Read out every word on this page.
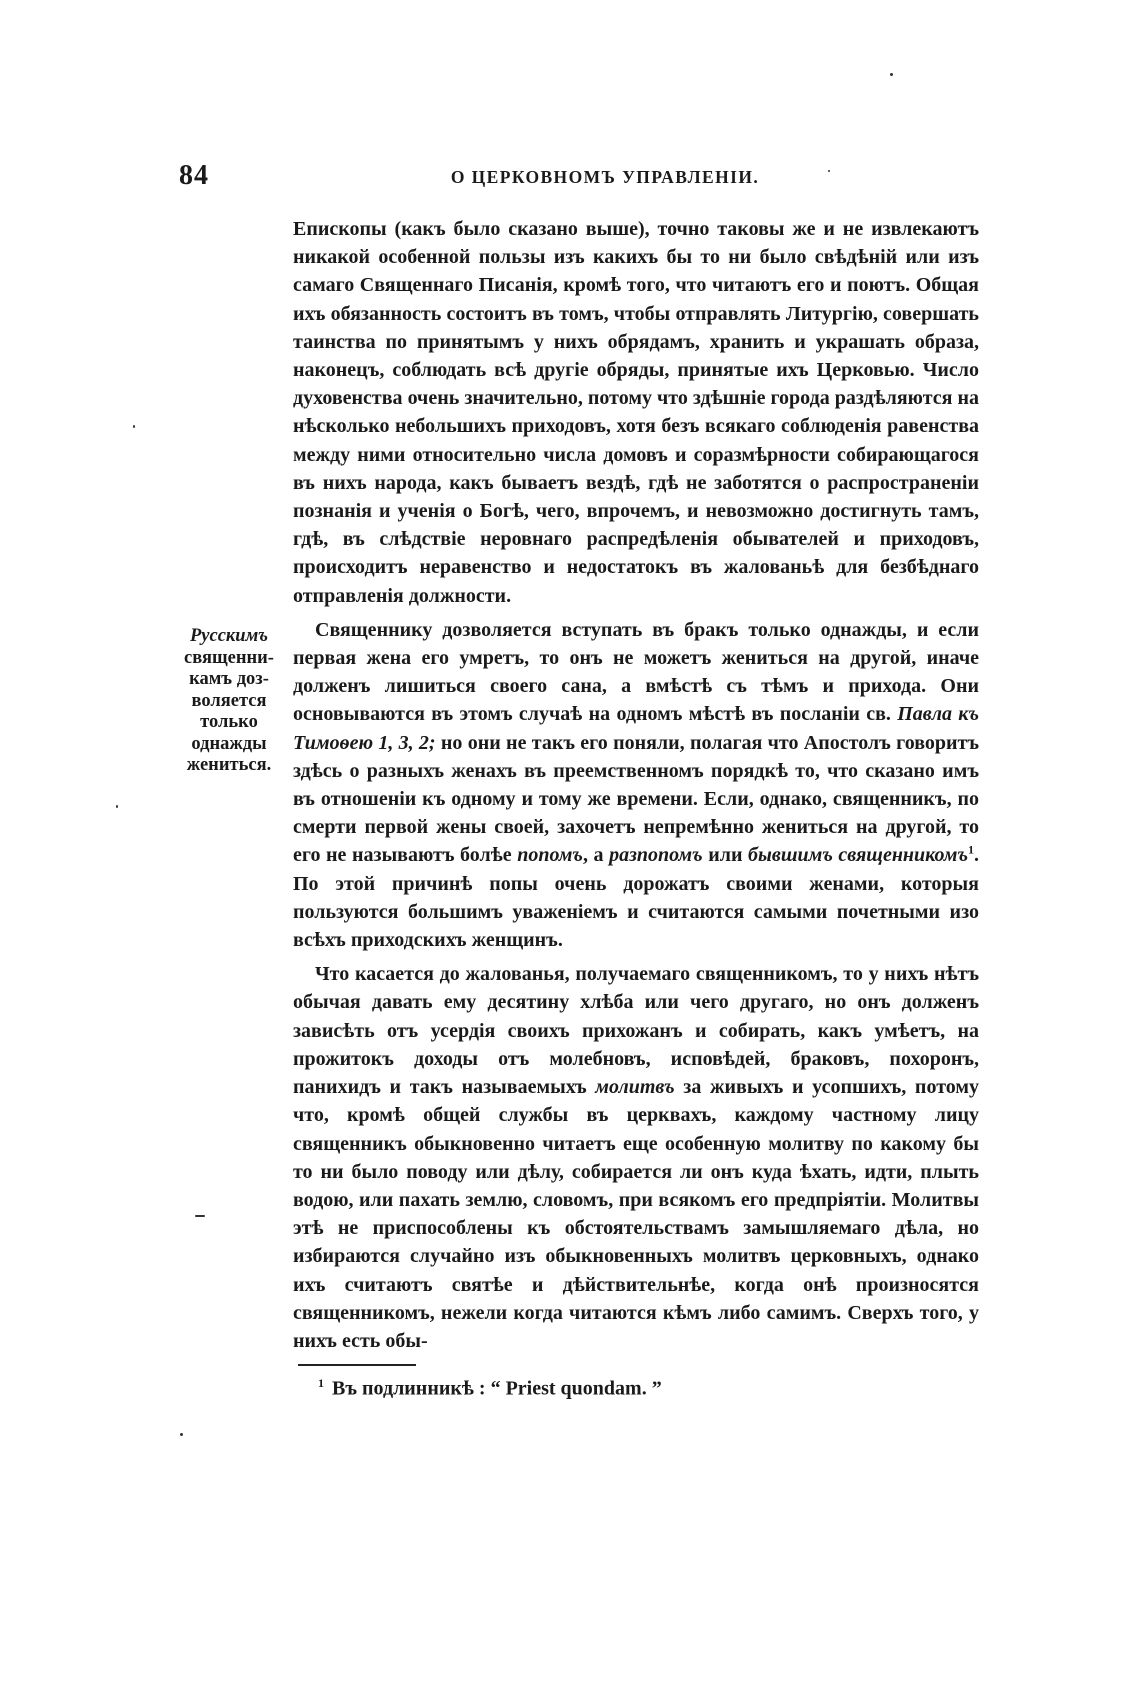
84	О ЦЕРКОВНОМЪ УПРАВЛЕНIИ.

Епископы (какъ было сказано выше), точно таковы же и не извлекаютъ никакой особенной пользы изъ какихъ бы то ни было свѣдѣнiй или изъ самаго Священнаго Писанiя, кромѣ того, что читаютъ его и поютъ. Общая ихъ обязанность состоитъ въ томъ, чтобы отправлять Литургiю, совершать таинства по принятымъ у нихъ обрядамъ, хранить и украшать образа, наконецъ, соблюдать всѣ другiе обряды, принятые ихъ Церковью. Число духовенства очень значительно, потому что здѣшнiе города раздѣляются на нѣсколько небольшихъ приходовъ, хотя безъ всякаго соблюденiя равенства между ними относительно числа домовъ и соразмѣрности собирающагося въ нихъ народа, какъ бываетъ вездѣ, гдѣ не заботятся о распространенiи познанiя и ученiя о Богѣ, чего, впрочемъ, и невозможно достигнуть тамъ, гдѣ, въ слѣдствiе неровнаго распредѣленiя обывателей и приходовъ, происходитъ неравенство и недостатокъ въ жалованьѣ для безбѣднаго отправленiя должности.

Священнику дозволяется вступать въ бракъ только однажды, и если первая жена его умретъ, то онъ не можетъ жениться на другой, иначе долженъ лишиться своего сана, а вмѣстѣ съ тѣмъ и прихода. Они основываются въ этомъ случаѣ на одномъ мѣстѣ въ посланiи св. Павла къ Тимоѳею 1, 3, 2; но они не такъ его поняли, полагая что Апостолъ говоритъ здѣсь о разныхъ женахъ въ преемственномъ порядкѣ то, что сказано имъ въ отношенiи къ одному и тому же времени. Если, однако, священникъ, по смерти первой жены своей, захочетъ непремѣнно жениться на другой, то его не называютъ болѣе попомъ, а разпопомъ или бывшимъ священникомъ$^1$. По этой причинѣ попы очень дорожатъ своими женами, которыя пользуются большимъ уваженiемъ и считаются самыми почетными изо всѣхъ приходскихъ женщинъ.

Что касается до жалованья, получаемаго священникомъ, то у нихъ нѣтъ обычая давать ему десятину хлѣба или чего другаго, но онъ долженъ зависѣть отъ усердiя своихъ прихожанъ и собирать, какъ умѣетъ, на прожитокъ доходы отъ молебновъ, исповѣдей, браковъ, похоронъ, панихидъ и такъ называемыхъ молитвъ за живыхъ и усопшихъ, потому что, кромѣ общей службы въ церквахъ, каждому частному лицу священникъ обыкновенно читаетъ еще особенную молитву по какому бы то ни было поводу или дѣлу, собирается ли онъ куда ѣхать, идти, плыть водою, или пахать землю, словомъ, при всякомъ его предпрiятiи. Молитвы этѣ не приспособлены къ обстоятельствамъ замышляемаго дѣла, но избираются случайно изъ обыкновенныхъ молитвъ церковныхъ, однако ихъ считаютъ святѣе и дѣйствительнѣе, когда онѣ произносятся священникомъ, нежели когда читаются кѣмъ либо самимъ. Сверхъ того, у нихъ есть обы-

Русскимъ
священни-
камъ доз-
воляется
только
однажды
жениться.
$^1$ Въ подлинникѣ : “ Priest quondam. ”
